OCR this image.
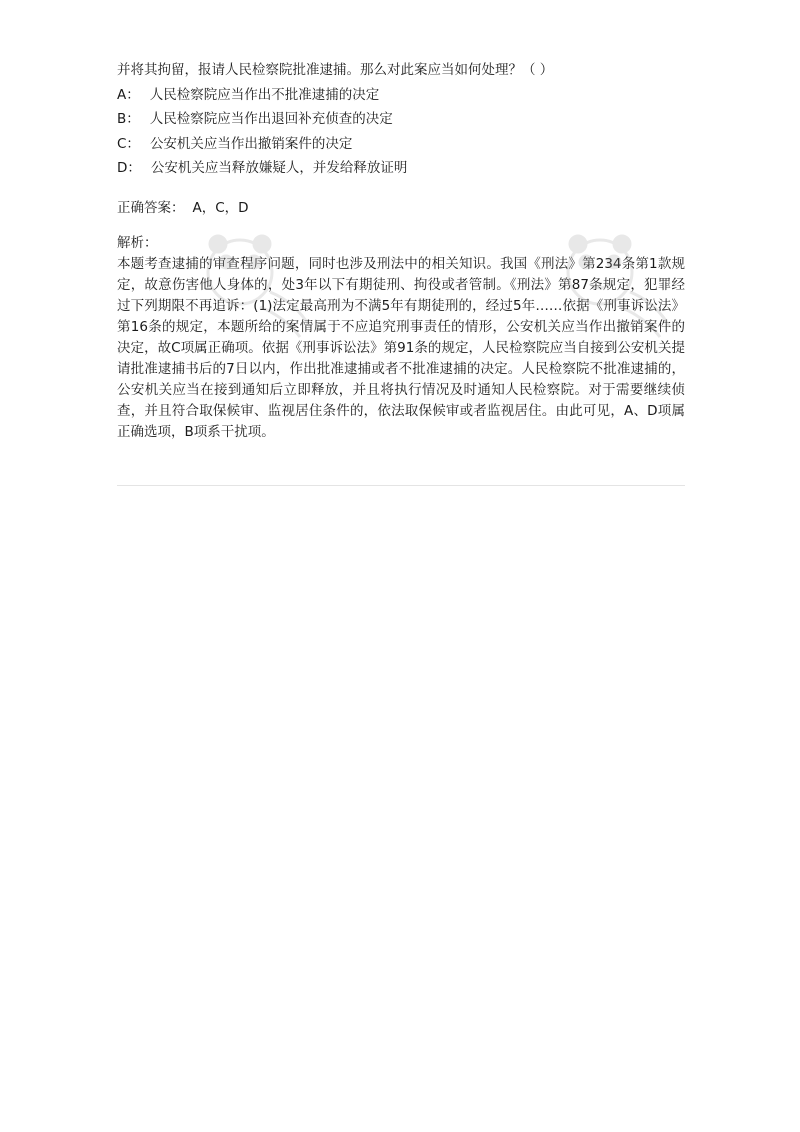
并将其拘留，报请人民检察院批准逮捕。那么对此案应当如何处理？（ ）
A： 人民检察院应当作出不批准逮捕的决定
B： 人民检察院应当作出退回补充侦查的决定
C： 公安机关应当作出撤销案件的决定
D： 公安机关应当释放嫌疑人，并发给释放证明
正确答案： A，C，D
解析：
本题考查逮捕的审查程序问题，同时也涉及刑法中的相关知识。我国《刑法》第234条第1款规定，故意伤害他人身体的，处3年以下有期徒刑、拘役或者管制。《刑法》第87条规定，犯罪经过下列期限不再追诉：(1)法定最高刑为不满5年有期徒刑的，经过5年……依据《刑事诉讼法》第16条的规定，本题所给的案情属于不应追究刑事责任的情形，公安机关应当作出撤销案件的决定，故C项属正确项。依据《刑事诉讼法》第91条的规定，人民检察院应当自接到公安机关提请批准逮捕书后的7日以内，作出批准逮捕或者不批准逮捕的决定。人民检察院不批准逮捕的，公安机关应当在接到通知后立即释放，并且将执行情况及时通知人民检察院。对于需要继续侦查，并且符合取保候审、监视居住条件的，依法取保候审或者监视居住。由此可见，A、D项属正确选项，B项系干扰项。
